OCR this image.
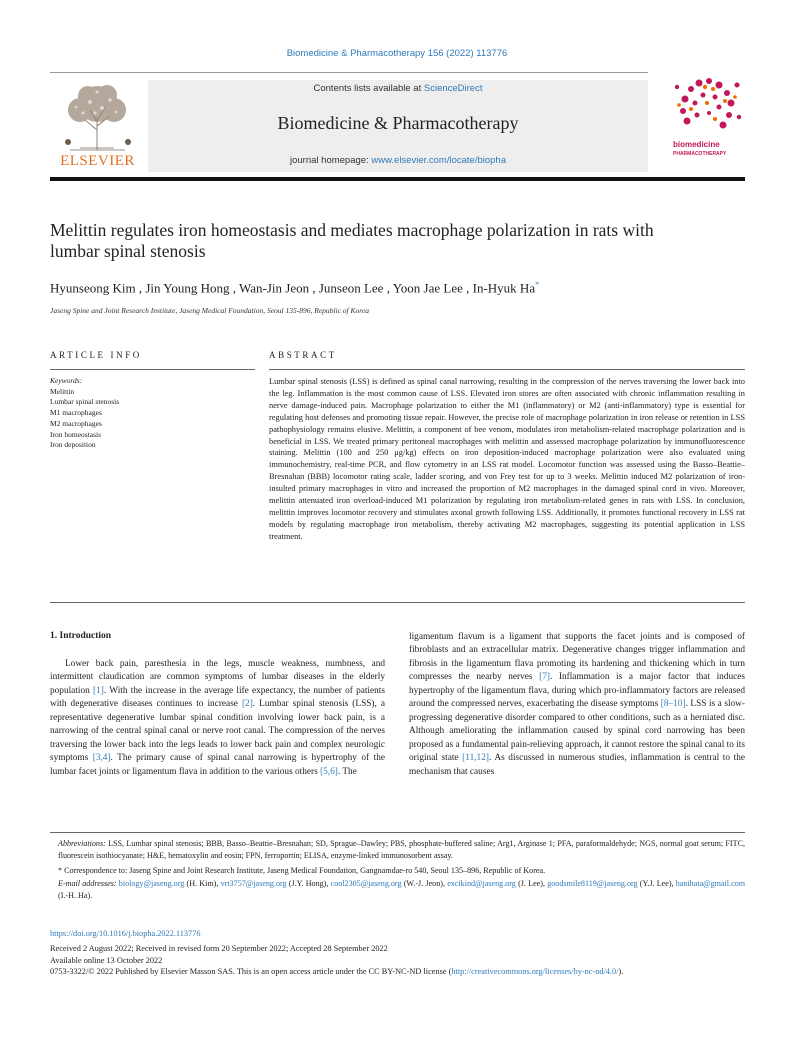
Biomedicine & Pharmacotherapy 156 (2022) 113776
ELSEVIER
Contents lists available at ScienceDirect
Biomedicine & Pharmacotherapy
journal homepage: www.elsevier.com/locate/biopha
biomedicine
PHARMACOTHERAPY
Melittin regulates iron homeostasis and mediates macrophage polarization in rats with lumbar spinal stenosis
Hyunseong Kim , Jin Young Hong , Wan-Jin Jeon , Junseon Lee , Yoon Jae Lee , In-Hyuk Ha*
Jaseng Spine and Joint Research Institute, Jaseng Medical Foundation, Seoul 135-896, Republic of Korea
ARTICLE INFO	ABSTRACT
Keywords:
Melittin
Lumbar spinal stenosis
M1 macrophages
M2 macrophages
Iron homeostasis
Iron deposition
Lumbar spinal stenosis (LSS) is defined as spinal canal narrowing, resulting in the compression of the nerves traversing the lower back into the leg. Inflammation is the most common cause of LSS. Elevated iron stores are often associated with chronic inflammation resulting in nerve damage-induced pain. Macrophage polarization to either the M1 (inflammatory) or M2 (anti-inflammatory) type is essential for regulating host defenses and promoting tissue repair. However, the precise role of macrophage polarization in iron release or retention in LSS pathophysiology remains elusive. Melittin, a component of bee venom, modulates iron metabolism-related macrophage polarization and is beneficial in LSS. We treated primary peritoneal macrophages with melittin and assessed macrophage polarization by immunofluorescence staining. Melittin (100 and 250 μg/kg) effects on iron deposition-induced macrophage polarization were also evaluated using immunochemistry, real-time PCR, and flow cytometry in an LSS rat model. Locomotor function was assessed using the Basso–Beattie–Bresnahan (BBB) locomotor rating scale, ladder scoring, and von Frey test for up to 3 weeks. Melittin induced M2 polarization of iron-insulted primary macrophages in vitro and increased the proportion of M2 macrophages in the damaged spinal cord in vivo. Moreover, melittin attenuated iron overload-induced M1 polarization by regulating iron metabolism-related genes in rats with LSS. In conclusion, melittin improves locomotor recovery and stimulates axonal growth following LSS. Additionally, it promotes functional recovery in LSS rat models by regulating macrophage iron metabolism, thereby activating M2 macrophages, suggesting its potential application in LSS treatment.
1. Introduction

Lower back pain, paresthesia in the legs, muscle weakness, numbness, and intermittent claudication are common symptoms of lumbar diseases in the elderly population [1]. With the increase in the average life expectancy, the number of patients with degenerative diseases continues to increase [2]. Lumbar spinal stenosis (LSS), a representative degenerative lumbar spinal condition involving lower back pain, is a narrowing of the central spinal canal or nerve root canal. The compression of the nerves traversing the lower back into the legs leads to lower back pain and complex neurologic symptoms [3,4]. The primary cause of spinal canal narrowing is hypertrophy of the lumbar facet joints or ligamentum flava in addition to the various others [5,6]. The

ligamentum flavum is a ligament that supports the facet joints and is composed of fibroblasts and an extracellular matrix. Degenerative changes trigger inflammation and fibrosis in the ligamentum flava promoting its hardening and thickening which in turn compresses the nearby nerves [7]. Inflammation is a major factor that induces hypertrophy of the ligamentum flava, during which pro-inflammatory factors are released around the compressed nerves, exacerbating the disease symptoms [8–10]. LSS is a slow-progressing degenerative disorder compared to other conditions, such as a herniated disc. Although ameliorating the inflammation caused by spinal cord narrowing has been proposed as a fundamental pain-relieving approach, it cannot restore the spinal canal to its original state [11,12]. As discussed in numerous studies, inflammation is central to the mechanism that causes

Abbreviations: LSS, Lumbar spinal stenosis; BBB, Basso–Beattie–Bresnahan; SD, Sprague–Dawley; PBS, phosphate-buffered saline; Arg1, Arginase 1; PFA, paraformaldehyde; NGS, normal goat serum; FITC, fluorescein isothiocyanate; H&E, hematoxylin and eosin; FPN, ferroportin; ELISA, enzyme-linked immunosorbent assay.

* Correspondence to: Jaseng Spine and Joint Research Institute, Jaseng Medical Foundation, Gangnamdae-ro 540, Seoul 135–896, Republic of Korea.

E-mail addresses: biology@jaseng.org (H. Kim), vrt3757@jaseng.org (J.Y. Hong), cool2305@jaseng.org (W.-J. Jeon), excikind@jaseng.org (J. Lee), goodsmile8119@jaseng.org (Y.J. Lee), hanihata@gmail.com (I.-H. Ha).

https://doi.org/10.1016/j.biopha.2022.113776

Received 2 August 2022; Received in revised form 20 September 2022; Accepted 28 September 2022

Available online 13 October 2022

0753-3322/© 2022 Published by Elsevier Masson SAS. This is an open access article under the CC BY-NC-ND license (http://creativecommons.org/licenses/by-nc-nd/4.0/).
